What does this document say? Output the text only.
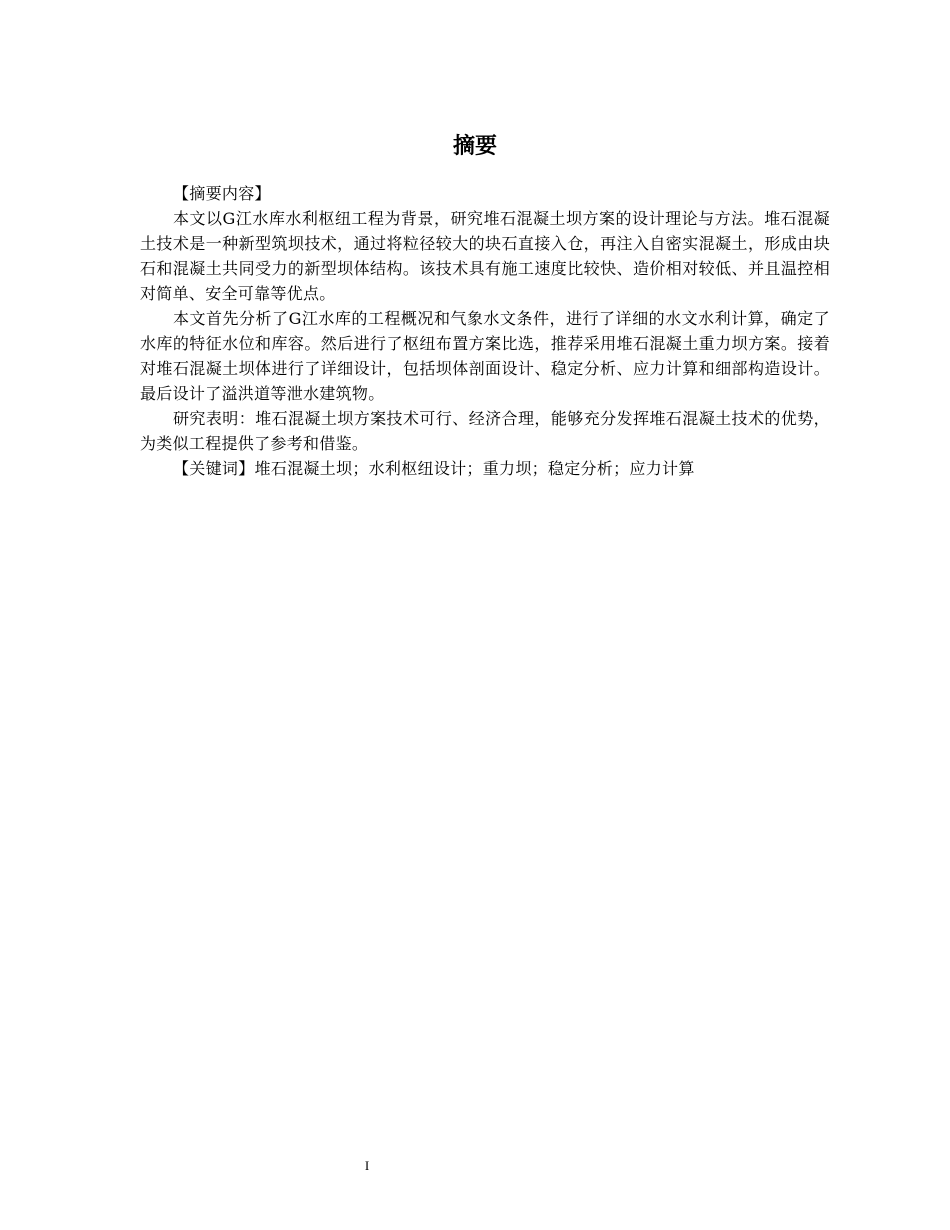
摘要

【摘要内容】

本文以G江水库水利枢纽工程为背景，研究堆石混凝土坝方案的设计理论与方法。堆石混凝土技术是一种新型筑坝技术，通过将粒径较大的块石直接入仓，再注入自密实混凝土，形成由块石和混凝土共同受力的新型坝体结构。该技术具有施工速度比较快、造价相对较低、并且温控相对简单、安全可靠等优点。

本文首先分析了G江水库的工程概况和气象水文条件，进行了详细的水文水利计算，确定了水库的特征水位和库容。然后进行了枢纽布置方案比选，推荐采用堆石混凝土重力坝方案。接着对堆石混凝土坝体进行了详细设计，包括坝体剖面设计、稳定分析、应力计算和细部构造设计。最后设计了溢洪道等泄水建筑物。

研究表明：堆石混凝土坝方案技术可行、经济合理，能够充分发挥堆石混凝土技术的优势，为类似工程提供了参考和借鉴。

【关键词】堆石混凝土坝；水利枢纽设计；重力坝；稳定分析；应力计算

I
